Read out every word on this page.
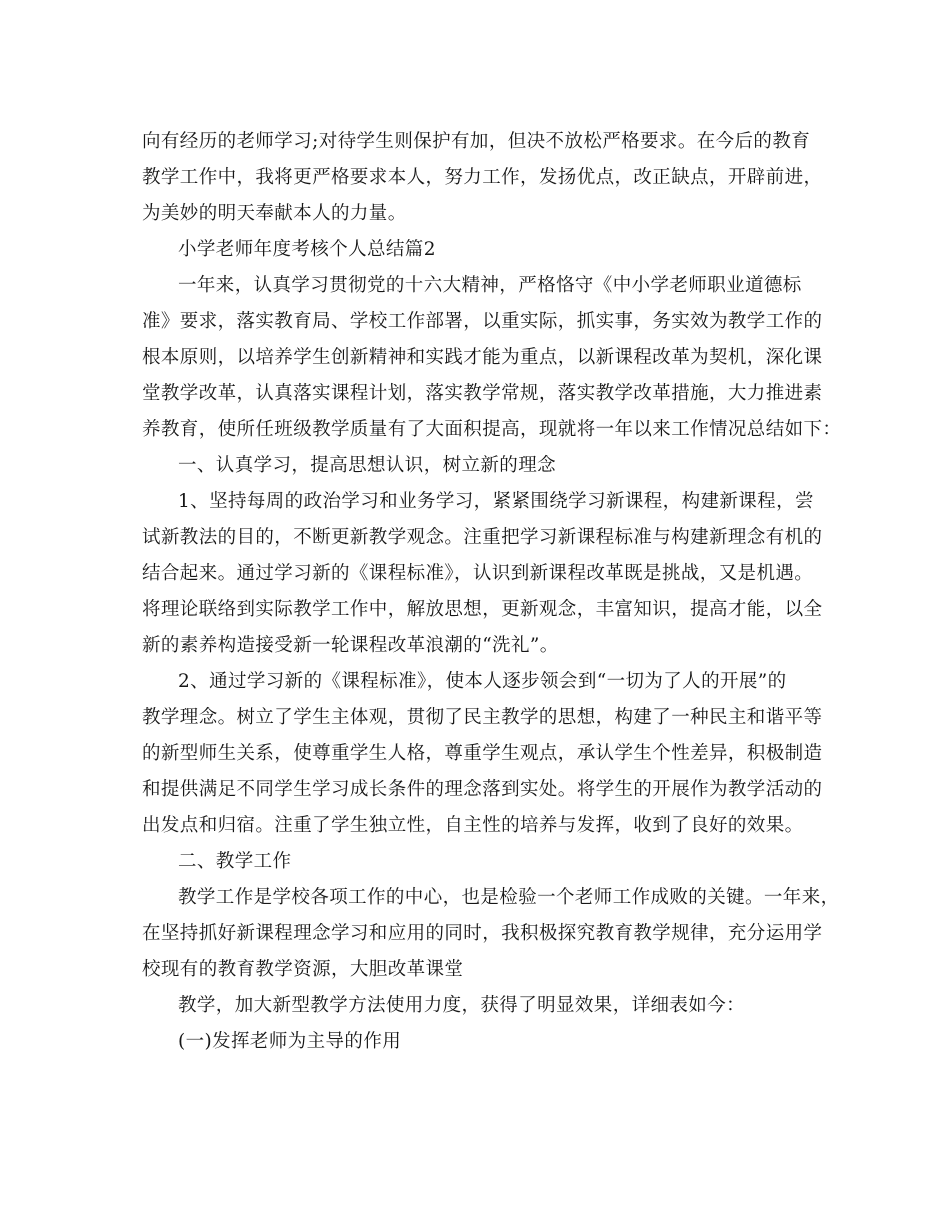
向有经历的老师学习;对待学生则保护有加，但决不放松严格要求。在今后的教育
教学工作中，我将更严格要求本人，努力工作，发扬优点，改正缺点，开辟前进，
为美妙的明天奉献本人的力量。
小学老师年度考核个人总结篇2
一年来，认真学习贯彻党的十六大精神，严格恪守《中小学老师职业道德标
准》要求，落实教育局、学校工作部署，以重实际，抓实事，务实效为教学工作的
根本原则，以培养学生创新精神和实践才能为重点，以新课程改革为契机，深化课
堂教学改革，认真落实课程计划，落实教学常规，落实教学改革措施，大力推进素
养教育，使所任班级教学质量有了大面积提高，现就将一年以来工作情况总结如下：
一、认真学习，提高思想认识，树立新的理念
1、坚持每周的政治学习和业务学习，紧紧围绕学习新课程，构建新课程，尝
试新教法的目的，不断更新教学观念。注重把学习新课程标准与构建新理念有机的
结合起来。通过学习新的《课程标准》，认识到新课程改革既是挑战，又是机遇。
将理论联络到实际教学工作中，解放思想，更新观念，丰富知识，提高才能，以全
新的素养构造接受新一轮课程改革浪潮的“洗礼”。
2、通过学习新的《课程标准》，使本人逐步领会到“一切为了人的开展”的
教学理念。树立了学生主体观，贯彻了民主教学的思想，构建了一种民主和谐平等
的新型师生关系，使尊重学生人格，尊重学生观点，承认学生个性差异，积极制造
和提供满足不同学生学习成长条件的理念落到实处。将学生的开展作为教学活动的
出发点和归宿。注重了学生独立性，自主性的培养与发挥，收到了良好的效果。
二、教学工作
教学工作是学校各项工作的中心，也是检验一个老师工作成败的关键。一年来，
在坚持抓好新课程理念学习和应用的同时，我积极探究教育教学规律，充分运用学
校现有的教育教学资源，大胆改革课堂
教学，加大新型教学方法使用力度，获得了明显效果，详细表如今：
(一)发挥老师为主导的作用
